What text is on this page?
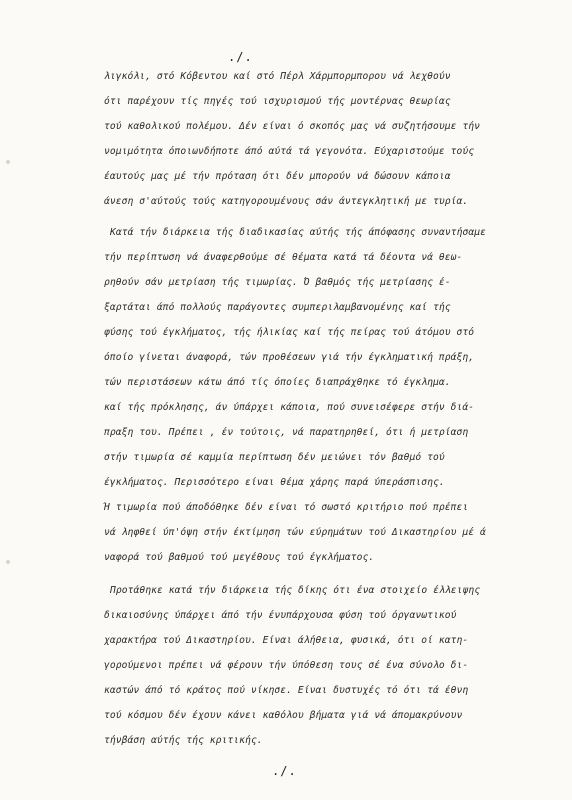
./.
λιγκόλι, στό Κόβεντου καί στό Πέρλ Χάρμπορμπορου νά λεχθούν
ότι παρέχουν τίς πηγές τού ισχυρισμού τής μοντέρνας θεωρίας
τού καθολικού πολέμου. Δέν είναι ό σκοπός μας νά συζητήσουμε τήν
νομιμότητα όποιωνδήποτε άπό αύτά τά γεγονότα. Εύχαριστούμε τούς
έαυτούς μας μέ τήν πρόταση ότι δέν μπορούν νά δώσουν κάποια
άνεση σ'αύτούς τούς κατηγορουμένους σάν άντεγκλητική με τυρία.
Κατά τήν διάρκεια τής διαδικασίας αύτής τής άπόφασης συναντήσαμε
τήν περίπτωση νά άναφερθούμε σέ θέματα κατά τά δέοντα νά θεω-
ρηθούν σάν μετρίαση τής τιμωρίας. Ό βαθμός τής μετρίασης έ-
ξαρτάται άπό πολλούς παράγοντες συμπεριλαμβανομένης καί τής
φύσης τού έγκλήματος, τής ήλικίας καί τής πείρας τού άτόμου στό
όποίο γίνεται άναφορά, τών προθέσεων γιά τήν έγκληματική πράξη,
τών περιστάσεων κάτω άπό τίς όποίες διαπράχθηκε τό έγκλημα.
καί τής πρόκλησης, άν ύπάρχει κάποια, πού συνεισέφερε στήν διά-
πραξη του. Πρέπει , έν τούτοις, νά παρατηρηθεί, ότι ή μετρίαση
στήν τιμωρία σέ καμμία περίπτωση δέν μειώνει τόν βαθμό τού
έγκλήματος. Περισσότερο είναι θέμα χάρης παρά ύπεράσπισης.
Ή τιμωρία πού άποδόθηκε δέν είναι τό σωστό κριτήριο πού πρέπει
νά ληφθεί ύπ'όψη στήν έκτίμηση τών εύρημάτων τού Δικαστηρίου μέ ά
ναφορά τού βαθμού τού μεγέθους τού έγκλήματος.
Προτάθηκε κατά τήν διάρκεια τής δίκης ότι ένα στοιχείο έλλειψης
δικαιοσύνης ύπάρχει άπό τήν ένυπάρχουσα φύση τού όργανωτικού
χαρακτήρα τού Δικαστηρίου. Είναι άλήθεια, φυσικά, ότι οί κατη-
γορούμενοι πρέπει νά φέρουν τήν ύπόθεση τους σέ ένα σύνολο δι-
καστών άπό τό κράτος πού νίκησε. Είναι δυστυχές τό ότι τά έθνη
τού κόσμου δέν έχουν κάνει καθόλου βήματα γιά νά άπομακρύνουν
τήνβάση αύτής τής κριτικής.
./.
